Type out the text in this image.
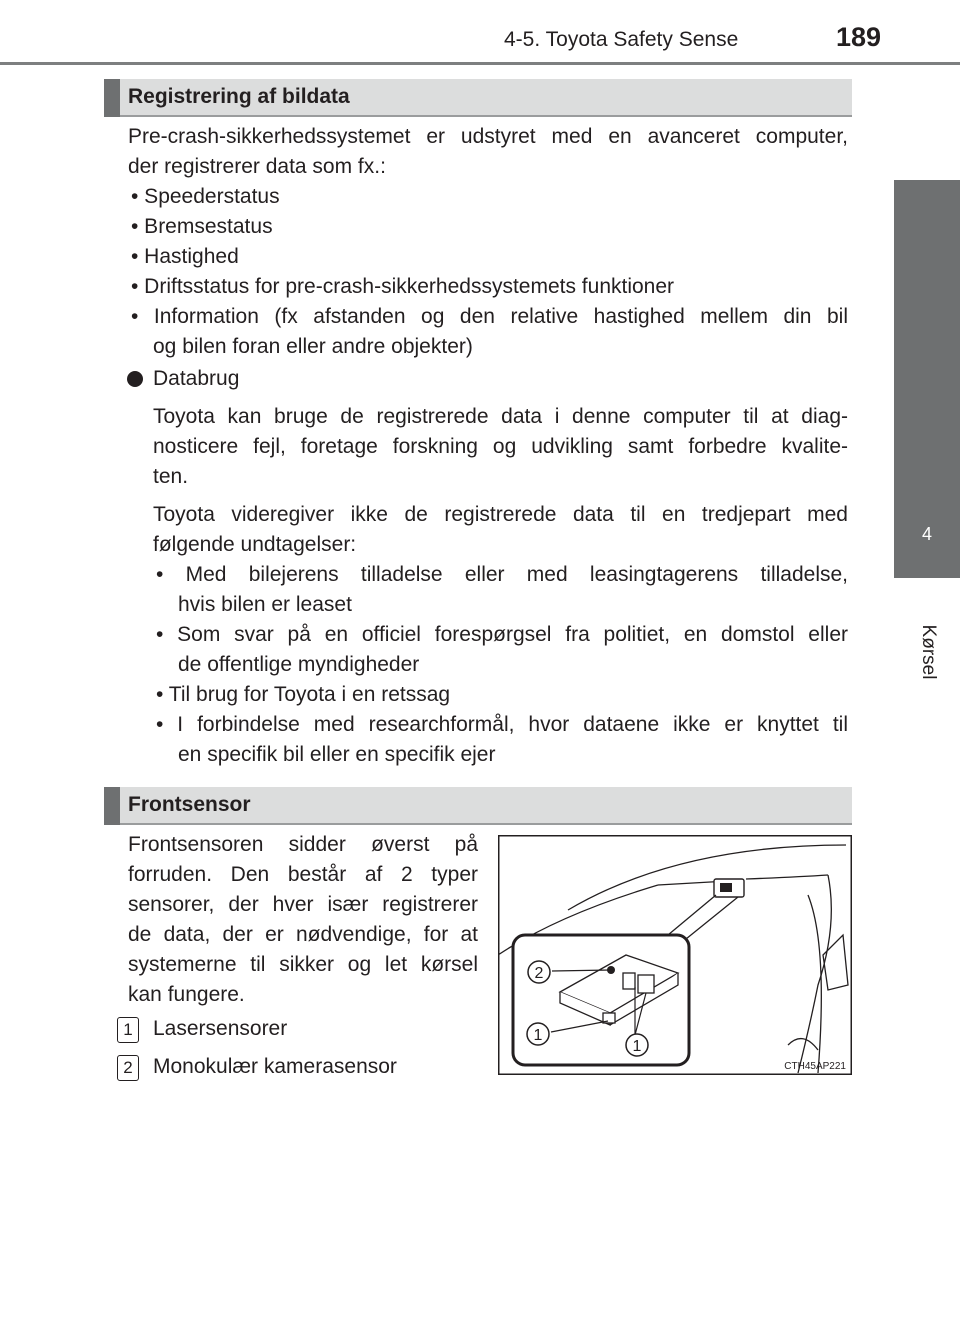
4-5. Toyota Safety Sense	189
4
Kørsel
Registrering af bildata
Pre-crash-sikkerhedssystemet er udstyret med en avanceret computer,
der registrerer data som fx.:
• Speederstatus
• Bremsestatus
• Hastighed
• Driftsstatus for pre-crash-sikkerhedssystemets funktioner
• Information (fx afstanden og den relative hastighed mellem din bil
og bilen foran eller andre objekter)
Databrug
Toyota kan bruge de registrerede data i denne computer til at diag-
nosticere fejl, foretage forskning og udvikling samt forbedre kvalite-
ten.
Toyota videregiver ikke de registrerede data til en tredjepart med
følgende undtagelser:
• Med bilejerens tilladelse eller med leasingtagerens tilladelse,
hvis bilen er leaset
• Som svar på en officiel forespørgsel fra politiet, en domstol eller
de offentlige myndigheder
• Til brug for Toyota i en retssag
• I forbindelse med researchformål, hvor dataene ikke er knyttet til
en specifik bil eller en specifik ejer
Frontsensor
Frontsensoren sidder øverst på
forruden. Den består af 2 typer
sensorer, der hver især registrerer
de data, der er nødvendige, for at
systemerne til sikker og let kørsel
kan fungere.
1 Lasersensorer
2 Monokulær kamerasensor
2
1
1
CTH45AP221
